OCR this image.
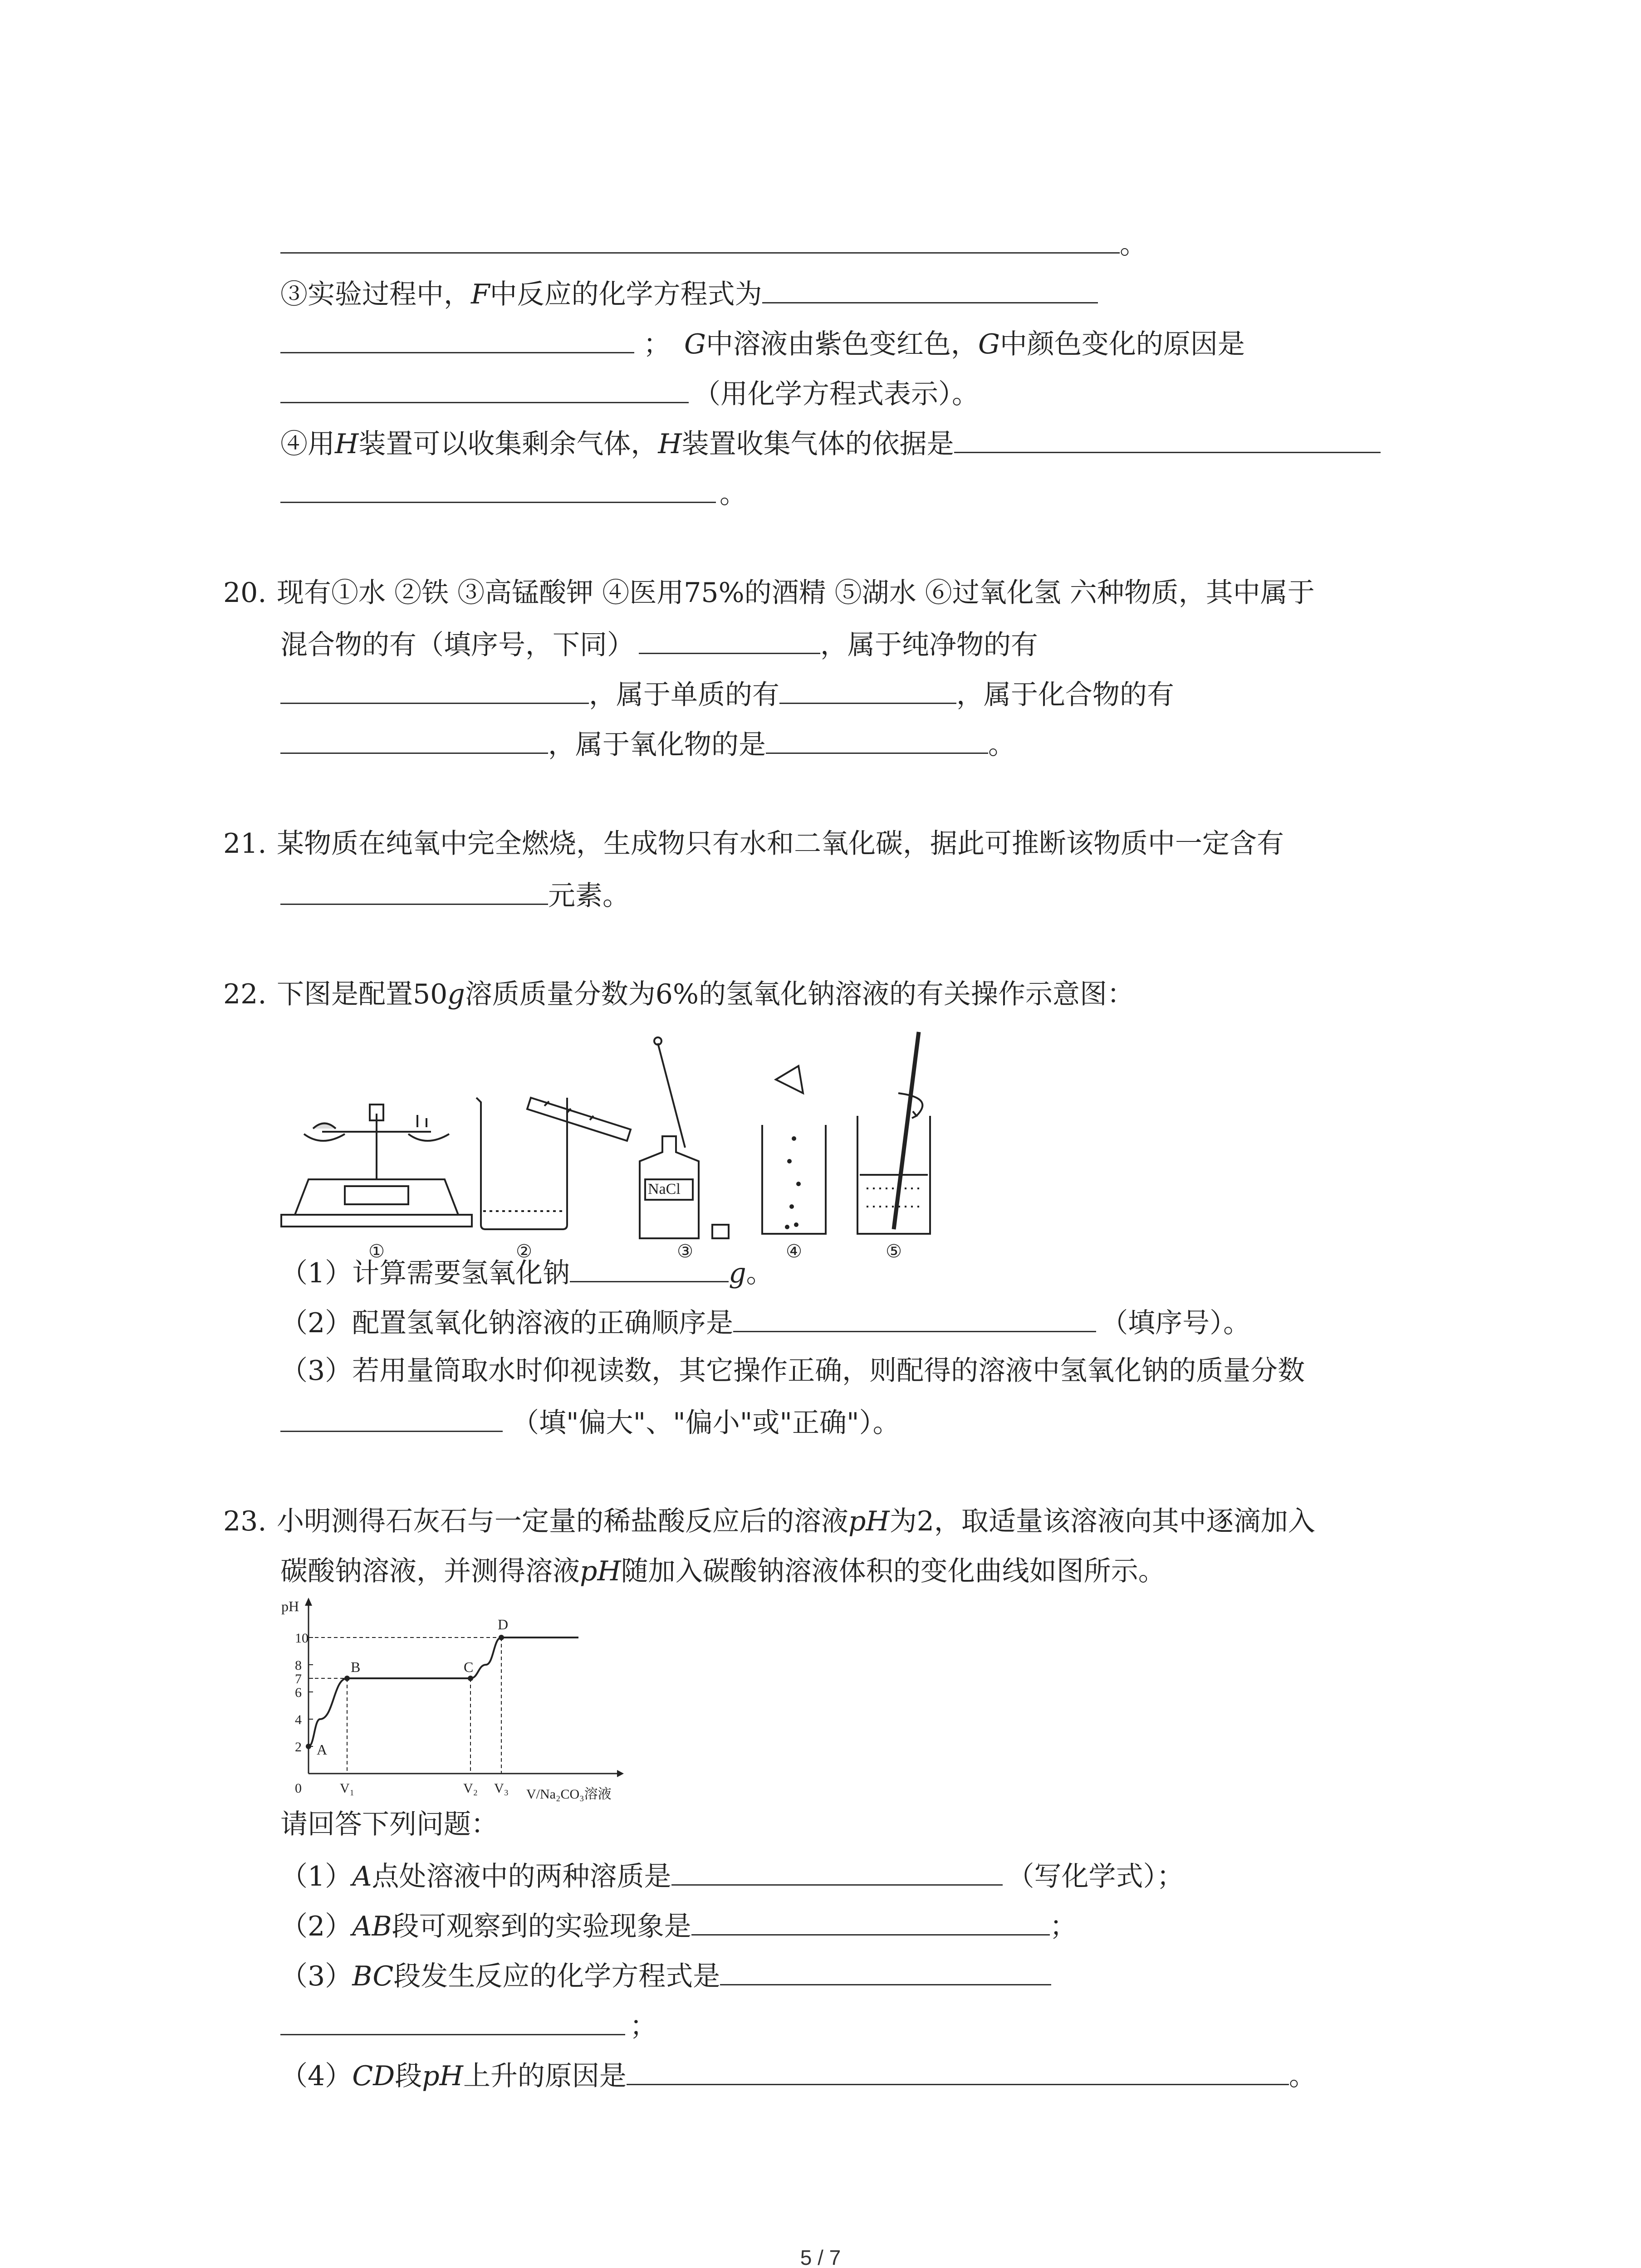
。
③实验过程中，F中反应的化学方程式为
； G中溶液由紫色变红色，G中颜色变化的原因是
（用化学方程式表示）。
④用H装置可以收集剩余气体，H装置收集气体的依据是
。
20. 现有①水 ②铁 ③高锰酸钾 ④医用75%的酒精 ⑤湖水 ⑥过氧化氢 六种物质，其中属于
混合物的有（填序号，下同）	，属于纯净物的有
，属于单质的有	，属于化合物的有
，属于氧化物的是	。
21. 某物质在纯氧中完全燃烧，生成物只有水和二氧化碳，据此可推断该物质中一定含有
元素。
22. 下图是配置50g溶质质量分数为6%的氢氧化钠溶液的有关操作示意图：
NaCl
①	②	③	④	⑤
（1）计算需要氢氧化钠	g。
（2）配置氢氧化钠溶液的正确顺序是	（填序号）。
（3）若用量筒取水时仰视读数，其它操作正确，则配得的溶液中氢氧化钠的质量分数
（填"偏大"、"偏小"或"正确"）。
23. 小明测得石灰石与一定量的稀盐酸反应后的溶液pH为2，取适量该溶液向其中逐滴加入
碳酸钠溶液，并测得溶液pH随加入碳酸钠溶液体积的变化曲线如图所示。
pH
V/Na₂CO₃溶液
2
4
6
7
8
10
0	V₁	V₂ V₃
A
B	C
D
请回答下列问题：
（1）A点处溶液中的两种溶质是	（写化学式）；
（2）AB段可观察到的实验现象是	；
（3）BC段发生反应的化学方程式是
；
（4）CD段pH上升的原因是	。
5 / 7
